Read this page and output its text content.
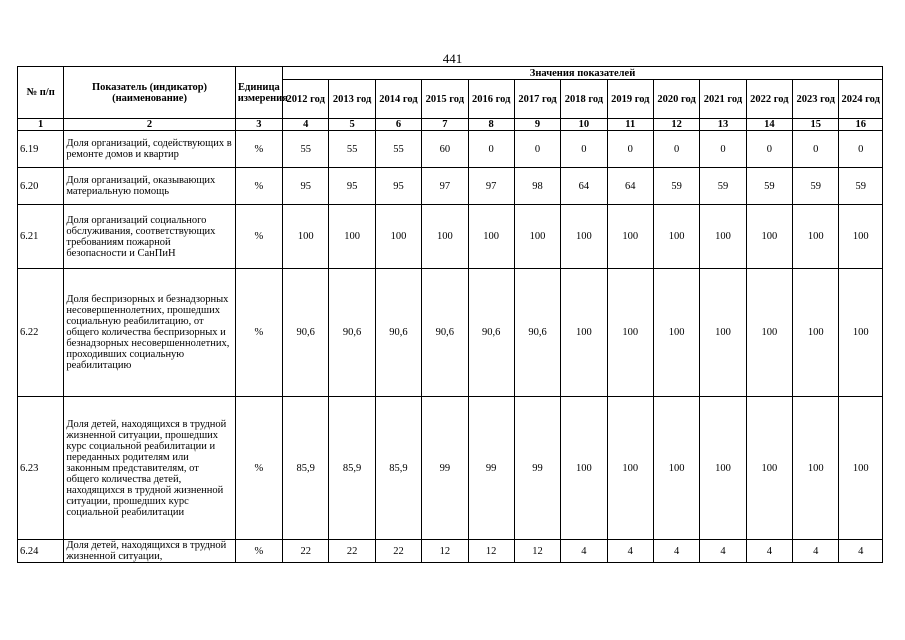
441
№ п/п	Показатель (индикатор) (наименование)	Единица измерения	Значения показателей												
			2012 год	2013 год	2014 год	2015 год	2016 год	2017 год	2018 год	2019 год	2020 год	2021 год	2022 год	2023 год	2024 год
1	2	3	4	5	6	7	8	9	10	11	12	13	14	15	16
6.19	Доля организаций, содействующих в ремонте домов и квартир	%	55	55	55	60	0	0	0	0	0	0	0	0	0
6.20	Доля организаций, оказывающих материальную помощь	%	95	95	95	97	97	98	64	64	59	59	59	59	59
6.21	Доля организаций социального обслуживания, соответствующих требованиям пожарной безопасности и СанПиН	%	100	100	100	100	100	100	100	100	100	100	100	100	100
6.22	Доля беспризорных и безнадзорных несовершеннолетних, прошедших социальную реабилитацию, от общего количества беспризорных и безнадзорных несовершеннолетних, проходивших социальную реабилитацию	%	90,6	90,6	90,6	90,6	90,6	90,6	100	100	100	100	100	100	100
6.23	Доля детей, находящихся в трудной жизненной ситуации, прошедших курс социальной реабилитации и переданных родителям или законным представителям, от общего количества детей, находящихся в трудной жизненной ситуации, прошедших курс социальной реабилитации	%	85,9	85,9	85,9	99	99	99	100	100	100	100	100	100	100
6.24	Доля детей, находящихся в трудной жизненной ситуации,	%	22	22	22	12	12	12	4	4	4	4	4	4	4
